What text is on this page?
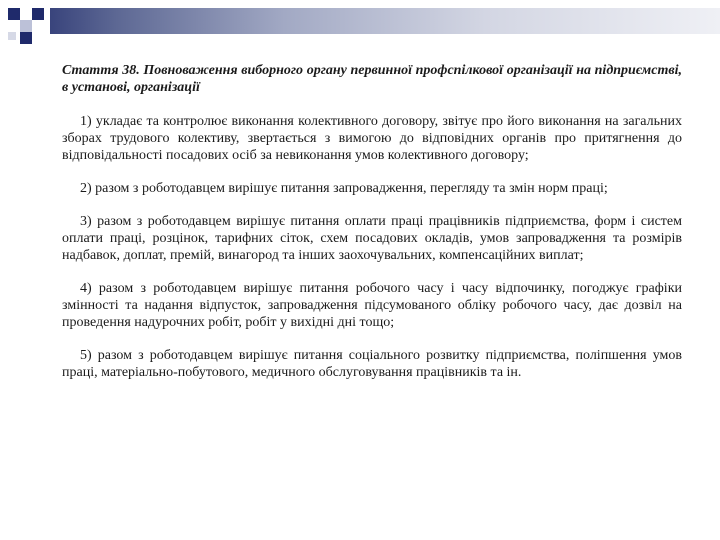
Стаття 38. Повноваження виборного органу первинної профспілкової організації на підприємстві, в установі, організації

1) укладає та контролює виконання колективного договору, звітує про його виконання на загальних зборах трудового колективу, звертається з вимогою до відповідних органів про притягнення до відповідальності посадових осіб за невиконання умов колективного договору;

2) разом з роботодавцем вирішує питання запровадження, перегляду та змін норм праці;

3) разом з роботодавцем вирішує питання оплати праці працівників підприємства, форм і систем оплати праці, розцінок, тарифних сіток, схем посадових окладів, умов запровадження та розмірів надбавок, доплат, премій, винагород та інших заохочувальних, компенсаційних виплат;

4) разом з роботодавцем вирішує питання робочого часу і часу відпочинку, погоджує графіки змінності та надання відпусток, запровадження підсумованого обліку робочого часу, дає дозвіл на проведення надурочних робіт, робіт у вихідні дні тощо;

5) разом з роботодавцем вирішує питання соціального розвитку підприємства, поліпшення умов праці, матеріально-побутового, медичного обслуговування працівників та ін.
